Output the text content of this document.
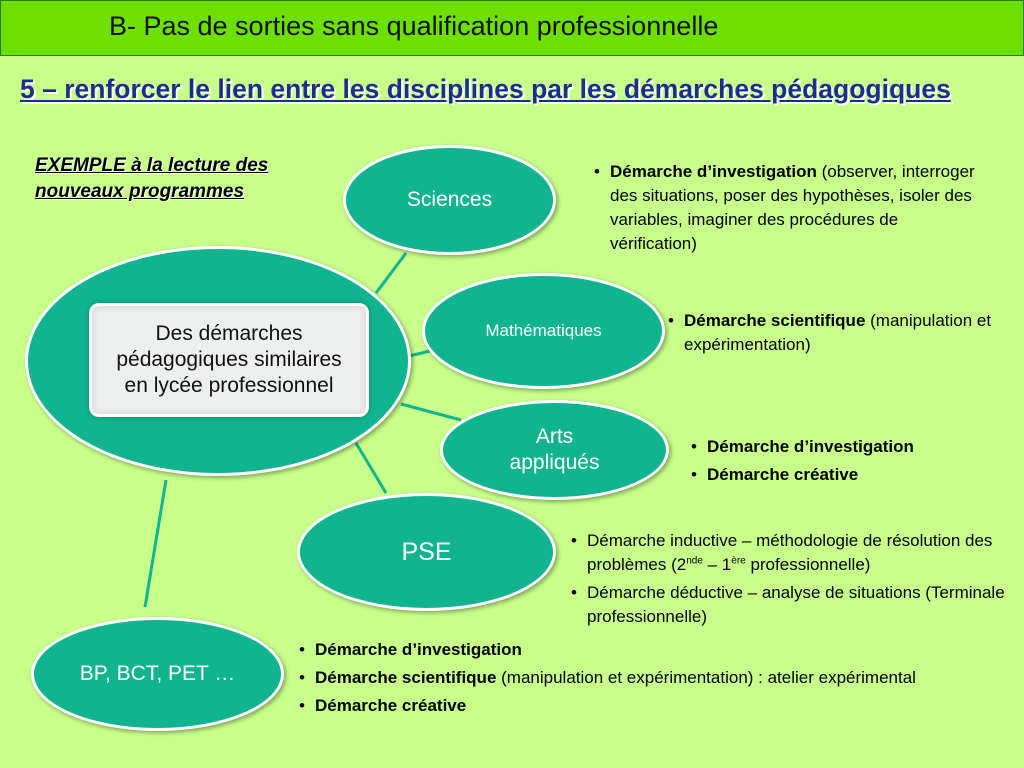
B- Pas de sorties sans qualification professionnelle
5 – renforcer le lien entre les disciplines par les démarches pédagogiques
EXEMPLE à la lecture des
nouveaux programmes
Des démarches
pédagogiques similaires
en lycée professionnel
Sciences
Mathématiques
Arts
appliqués
PSE
BP, BCT, PET …
• Démarche d’investigation (observer, interroger des situations, poser des hypothèses, isoler des variables, imaginer des procédures de vérification)
• Démarche scientifique (manipulation et expérimentation)
• Démarche d’investigation
• Démarche créative
• Démarche inductive – méthodologie de résolution des problèmes (2nde – 1ère professionnelle)
• Démarche déductive – analyse de situations (Terminale professionnelle)
• Démarche d’investigation
• Démarche scientifique (manipulation et expérimentation) : atelier expérimental
• Démarche créative
